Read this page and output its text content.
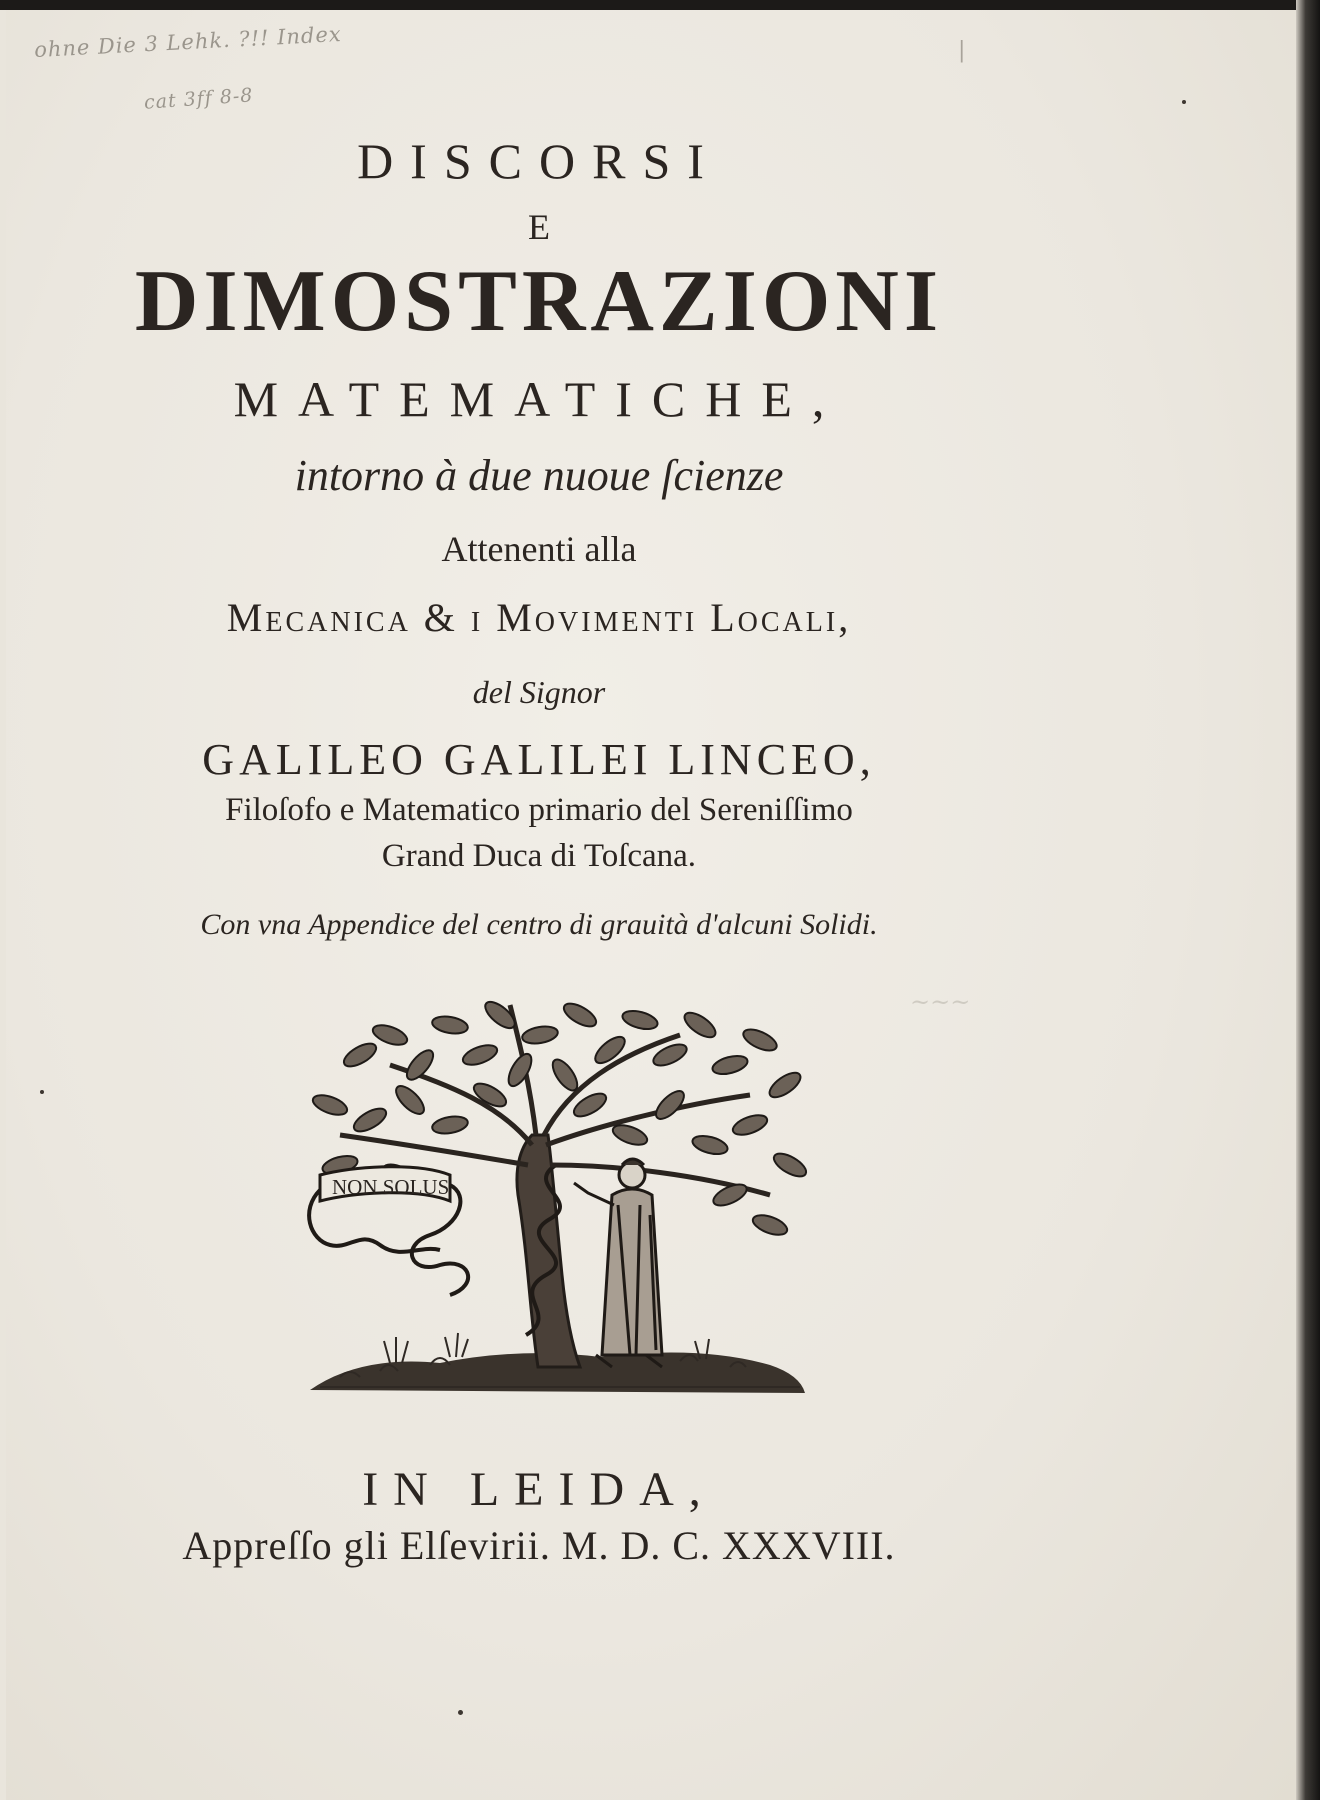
ohne Die 3 Lehk. ?!! Index
cat 3ff 8-8
|
DISCORSI
E
DIMOSTRAZIONI
MATEMATICHE,
intorno à due nuoue ſcienze
Attenenti alla
Mecanica & i Movimenti Locali,
del Signor
GALILEO GALILEI LINCEO,
Filoſofo e Matematico primario del Sereniſſimo
Grand Duca di Toſcana.
Con vna Appendice del centro di grauità d'alcuni Solidi.
~~~
NON SOLUS
IN LEIDA,
Appreſſo gli Elſevirii. M. D. C. XXXVIII.
